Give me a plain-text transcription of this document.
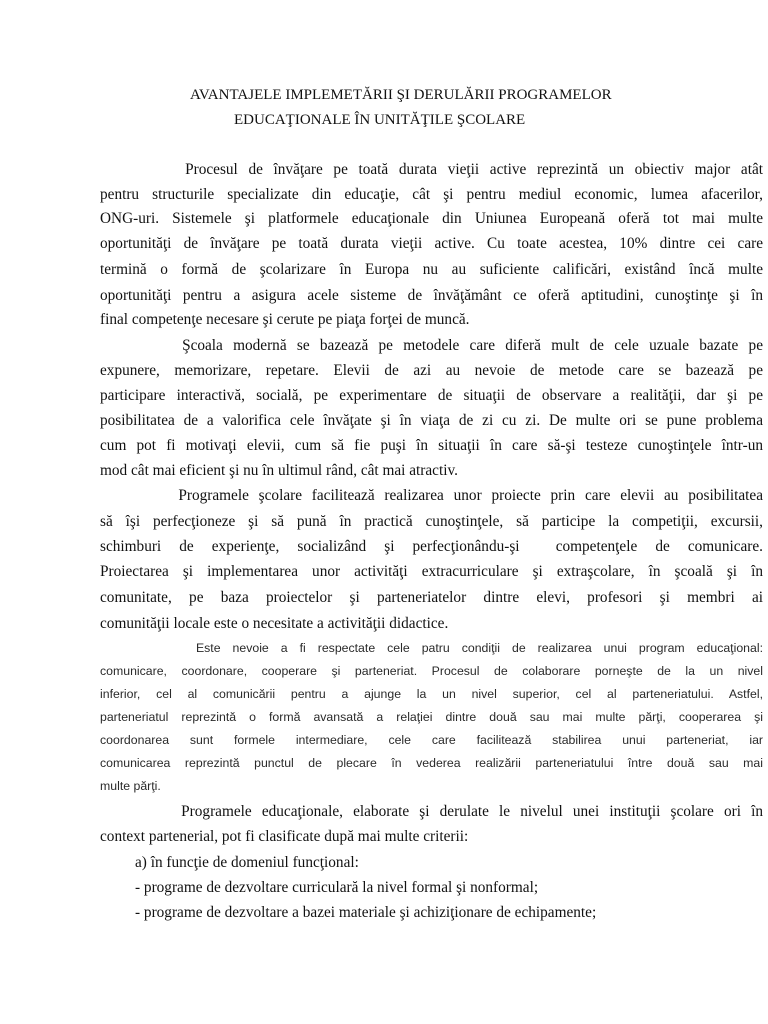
AVANTAJELE IMPLEMETĂRII ŞI DERULĂRII PROGRAMELOR
EDUCAŢIONALE ÎN UNITĂŢILE ŞCOLARE
Procesul de învăţare pe toată durata vieţii active reprezintă un obiectiv major atât
pentru structurile specializate din educaţie, cât şi pentru mediul economic, lumea afacerilor,
ONG-uri. Sistemele şi platformele educaţionale din Uniunea Europeană oferă tot mai multe
oportunităţi de învăţare pe toată durata vieţii active. Cu toate acestea, 10% dintre cei care
termină o formă de şcolarizare în Europa nu au suficiente calificări, existând încă multe
oportunităţi pentru a asigura acele sisteme de învăţământ ce oferă aptitudini, cunoştinţe şi în
final competenţe necesare şi cerute pe piaţa forţei de muncă.
Şcoala modernă se bazează pe metodele care diferă mult de cele uzuale bazate pe
expunere, memorizare, repetare. Elevii de azi au nevoie de metode care se bazează pe
participare interactivă, socială, pe experimentare de situaţii de observare a realităţii, dar şi pe
posibilitatea de a valorifica cele învăţate şi în viaţa de zi cu zi. De multe ori se pune problema
cum pot fi motivaţi elevii, cum să fie puşi în situaţii în care să-şi testeze cunoştinţele într-un
mod cât mai eficient şi nu în ultimul rând, cât mai atractiv.
Programele şcolare facilitează realizarea unor proiecte prin care elevii au posibilitatea
să îşi perfecţioneze şi să pună în practică cunoştinţele, să participe la competiţii, excursii,
schimburi de experienţe, socializând şi perfecţionându-şi  competenţele de comunicare.
Proiectarea şi implementarea unor activităţi extracurriculare şi extraşcolare, în şcoală şi în
comunitate, pe baza proiectelor şi parteneriatelor dintre elevi, profesori şi membri ai
comunităţii locale este o necesitate a activităţii didactice.
Este nevoie a fi respectate cele patru condiţii de realizarea unui program educaţional:
comunicare, coordonare, cooperare şi parteneriat. Procesul de colaborare porneşte de la un nivel
inferior, cel al comunicării pentru a ajunge la un nivel superior, cel al parteneriatului. Astfel,
parteneriatul reprezintă o formă avansată a relaţiei dintre două sau mai multe părţi, cooperarea şi
coordonarea sunt formele intermediare, cele care facilitează stabilirea unui parteneriat, iar
comunicarea reprezintă punctul de plecare în vederea realizării parteneriatului între două sau mai
multe părţi.
Programele educaţionale, elaborate şi derulate le nivelul unei instituţii şcolare ori în
context partenerial, pot fi clasificate după mai multe criterii:
a) în funcţie de domeniul funcţional:
- programe de dezvoltare curriculară la nivel formal şi nonformal;
- programe de dezvoltare a bazei materiale şi achiziţionare de echipamente;
